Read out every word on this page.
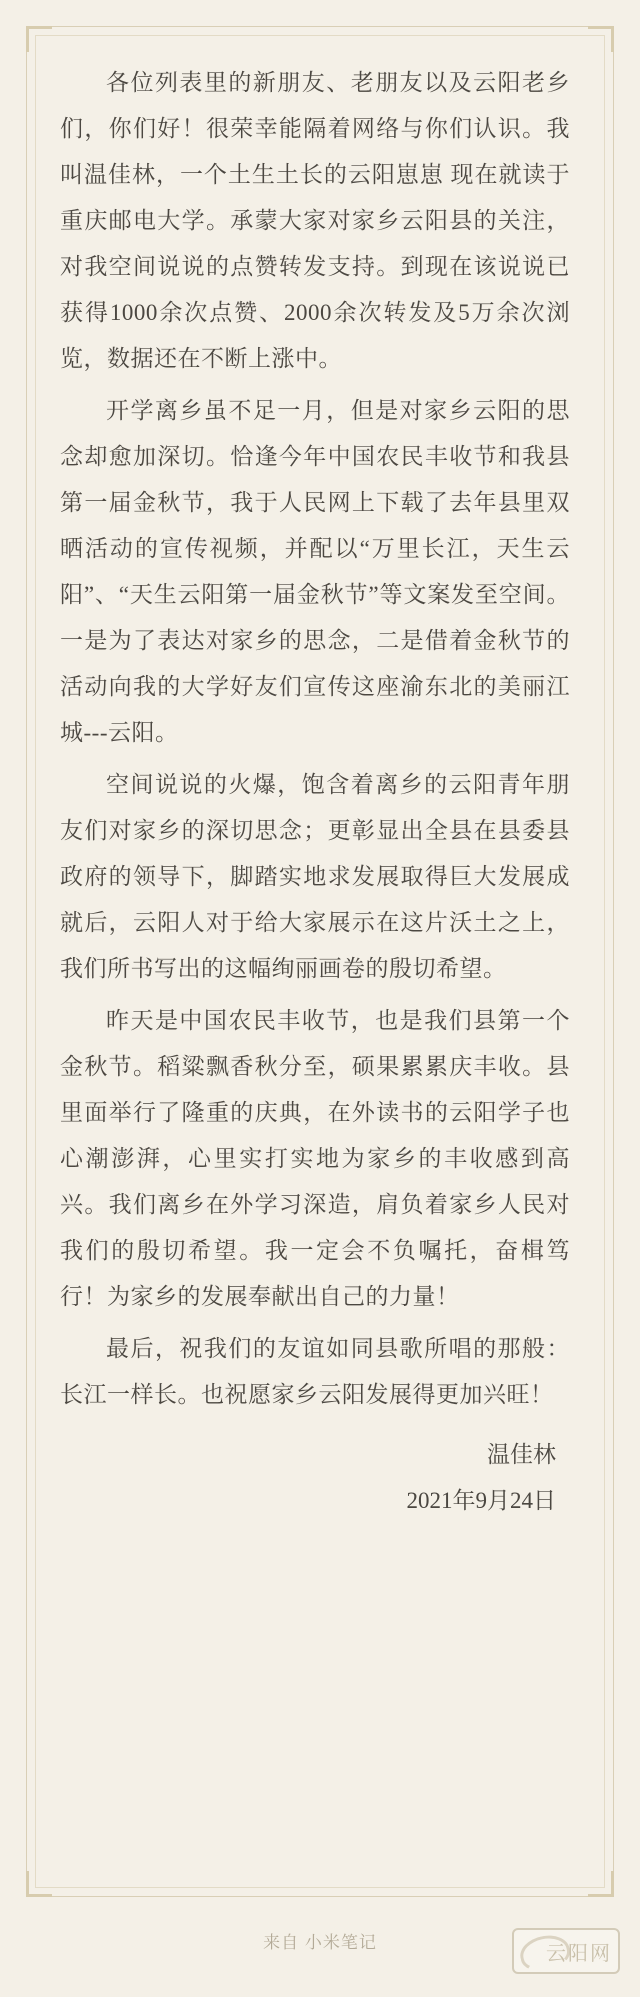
各位列表里的新朋友、老朋友以及云阳老乡们，你们好！很荣幸能隔着网络与你们认识。我叫温佳林，一个土生土长的云阳崽崽 现在就读于重庆邮电大学。承蒙大家对家乡云阳县的关注，对我空间说说的点赞转发支持。到现在该说说已获得1000余次点赞、2000余次转发及5万余次浏览，数据还在不断上涨中。

开学离乡虽不足一月，但是对家乡云阳的思念却愈加深切。恰逢今年中国农民丰收节和我县第一届金秋节，我于人民网上下载了去年县里双晒活动的宣传视频，并配以“万里长江，天生云阳”、“天生云阳第一届金秋节”等文案发至空间。一是为了表达对家乡的思念，二是借着金秋节的活动向我的大学好友们宣传这座渝东北的美丽江城---云阳。

空间说说的火爆，饱含着离乡的云阳青年朋友们对家乡的深切思念；更彰显出全县在县委县政府的领导下，脚踏实地求发展取得巨大发展成就后，云阳人对于给大家展示在这片沃土之上，我们所书写出的这幅绚丽画卷的殷切希望。

昨天是中国农民丰收节，也是我们县第一个金秋节。稻粱飘香秋分至，硕果累累庆丰收。县里面举行了隆重的庆典，在外读书的云阳学子也心潮澎湃，心里实打实地为家乡的丰收感到高兴。我们离乡在外学习深造，肩负着家乡人民对我们的殷切希望。我一定会不负嘱托，奋楫笃行！为家乡的发展奉献出自己的力量！

最后，祝我们的友谊如同县歌所唱的那般：长江一样长。也祝愿家乡云阳发展得更加兴旺！

温佳林
2021年9月24日
来自 小米笔记	云阳网
